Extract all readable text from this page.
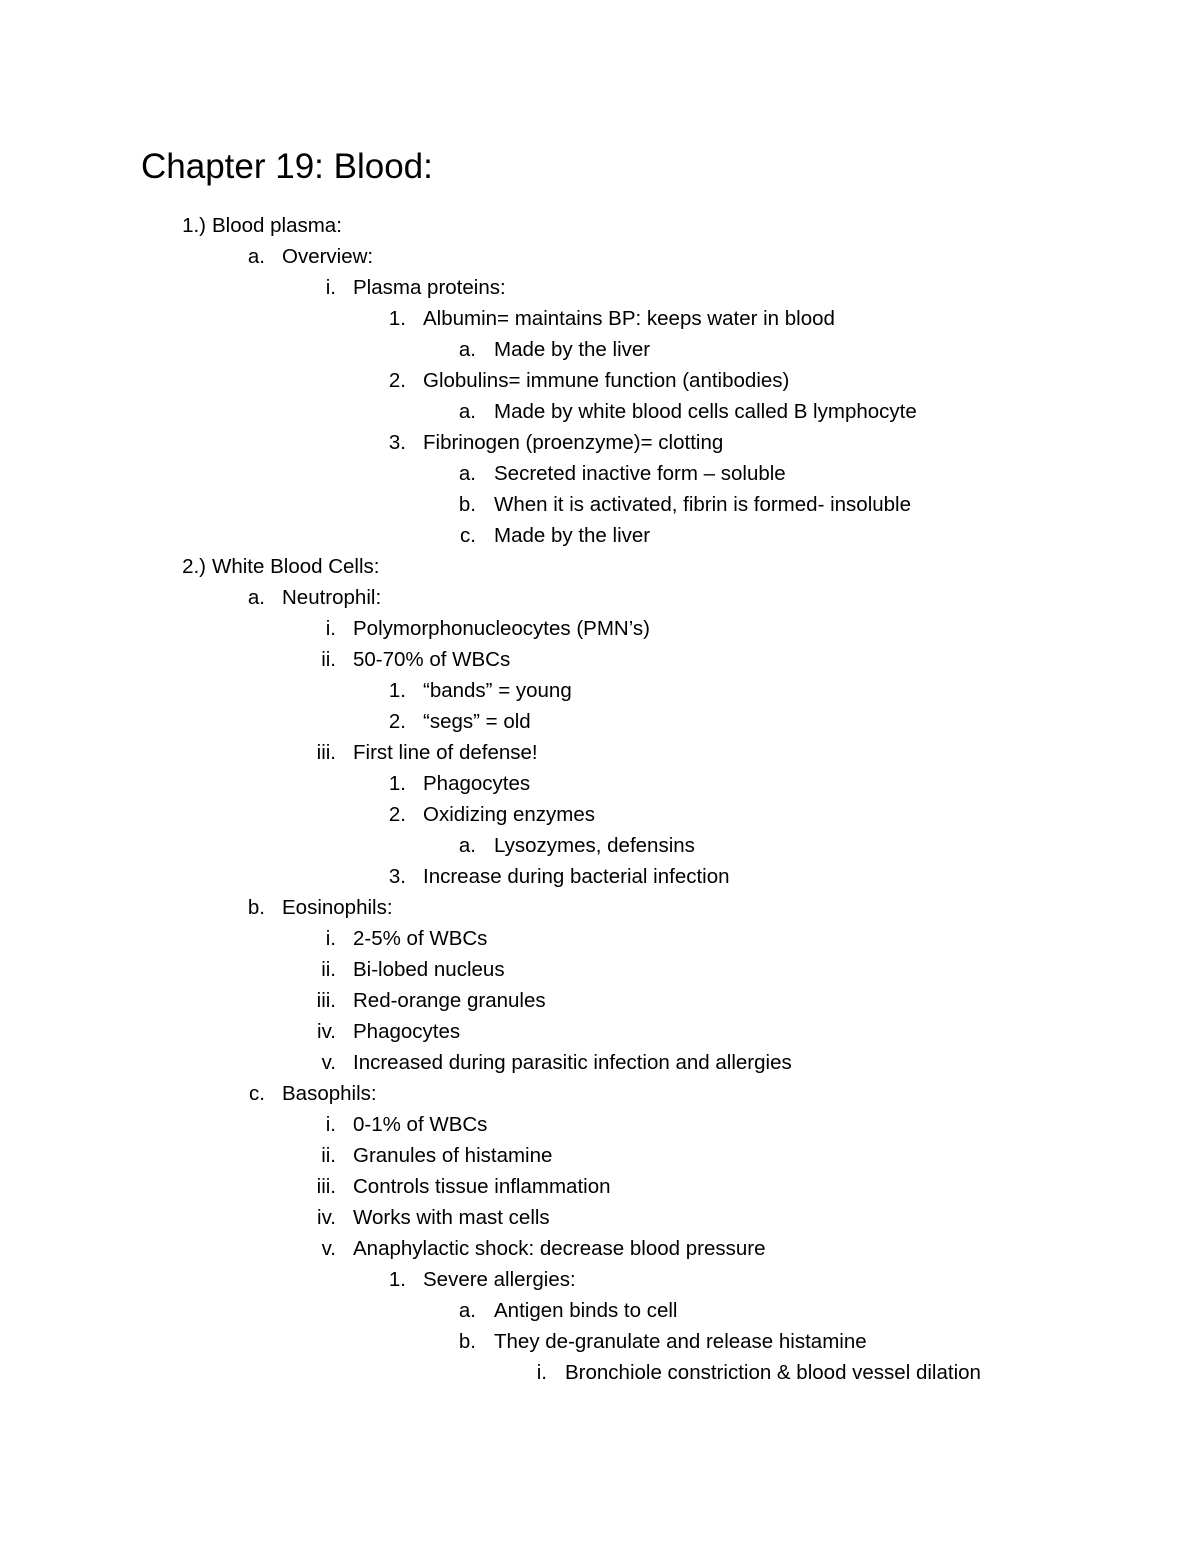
Chapter 19: Blood:
1.) Blood plasma:
a. Overview:
i. Plasma proteins:
1. Albumin= maintains BP: keeps water in blood
a. Made by the liver
2. Globulins= immune function (antibodies)
a. Made by white blood cells called B lymphocyte
3. Fibrinogen (proenzyme)= clotting
a. Secreted inactive form – soluble
b. When it is activated, fibrin is formed- insoluble
c. Made by the liver
2.) White Blood Cells:
a. Neutrophil:
i. Polymorphonucleocytes (PMN’s)
ii. 50-70% of WBCs
1. “bands” = young
2. “segs” = old
iii. First line of defense!
1. Phagocytes
2. Oxidizing enzymes
a. Lysozymes, defensins
3. Increase during bacterial infection
b. Eosinophils:
i. 2-5% of WBCs
ii. Bi-lobed nucleus
iii. Red-orange granules
iv. Phagocytes
v. Increased during parasitic infection and allergies
c. Basophils:
i. 0-1% of WBCs
ii. Granules of histamine
iii. Controls tissue inflammation
iv. Works with mast cells
v. Anaphylactic shock: decrease blood pressure
1. Severe allergies:
a. Antigen binds to cell
b. They de-granulate and release histamine
i. Bronchiole constriction & blood vessel dilation
